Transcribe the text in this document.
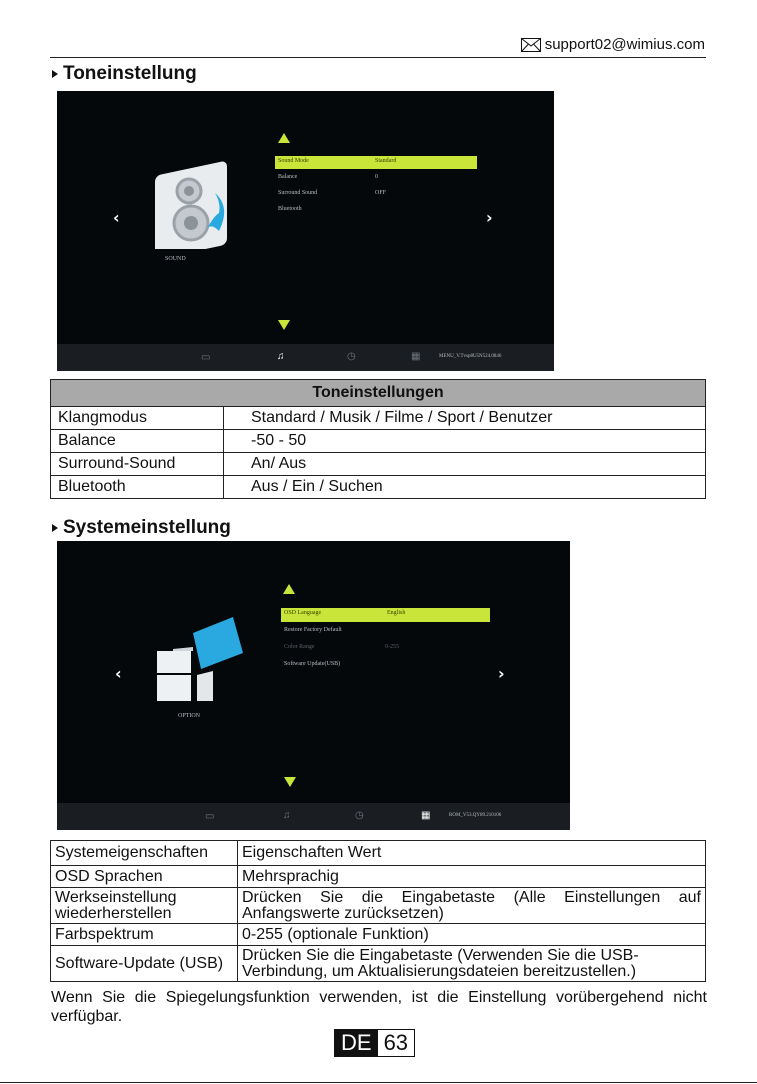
support02@wimius.com
Toneinstellung
Sound Mode	Standard
Balance	0
Surround Sound	OFF
Bluetooth
‹	›
SOUND
▭	♫	◷	▦	MENU_V.Tvsp8U5N524.0846
Toneinstellungen	
Klangmodus	Standard / Musik / Filme / Sport / Benutzer
Balance	-50 - 50
Surround-Sound	An/ Aus
Bluetooth	Aus / Ein / Suchen
Systemeinstellung
OSD Language	English
Restore Factory Default
Color Range	0-255
Software Update(USB)
‹	›
OPTION
▭	♫	◷	▦	ROM_V53.QY89.210106
Systemeigenschaften	Eigenschaften Wert
OSD Sprachen	Mehrsprachig
Werkseinstellung wiederherstellen	Drücken Sie die Eingabetaste (Alle Einstellungen auf Anfangswerte zurücksetzen)
Farbspektrum	0-255 (optionale Funktion)
Software-Update (USB)	Drücken Sie die Eingabetaste (Verwenden Sie die USB-Verbindung, um Aktualisierungsdateien bereitzustellen.)
Wenn Sie die Spiegelungsfunktion verwenden, ist die Einstellung vorübergehend nicht verfügbar.
DE 63
